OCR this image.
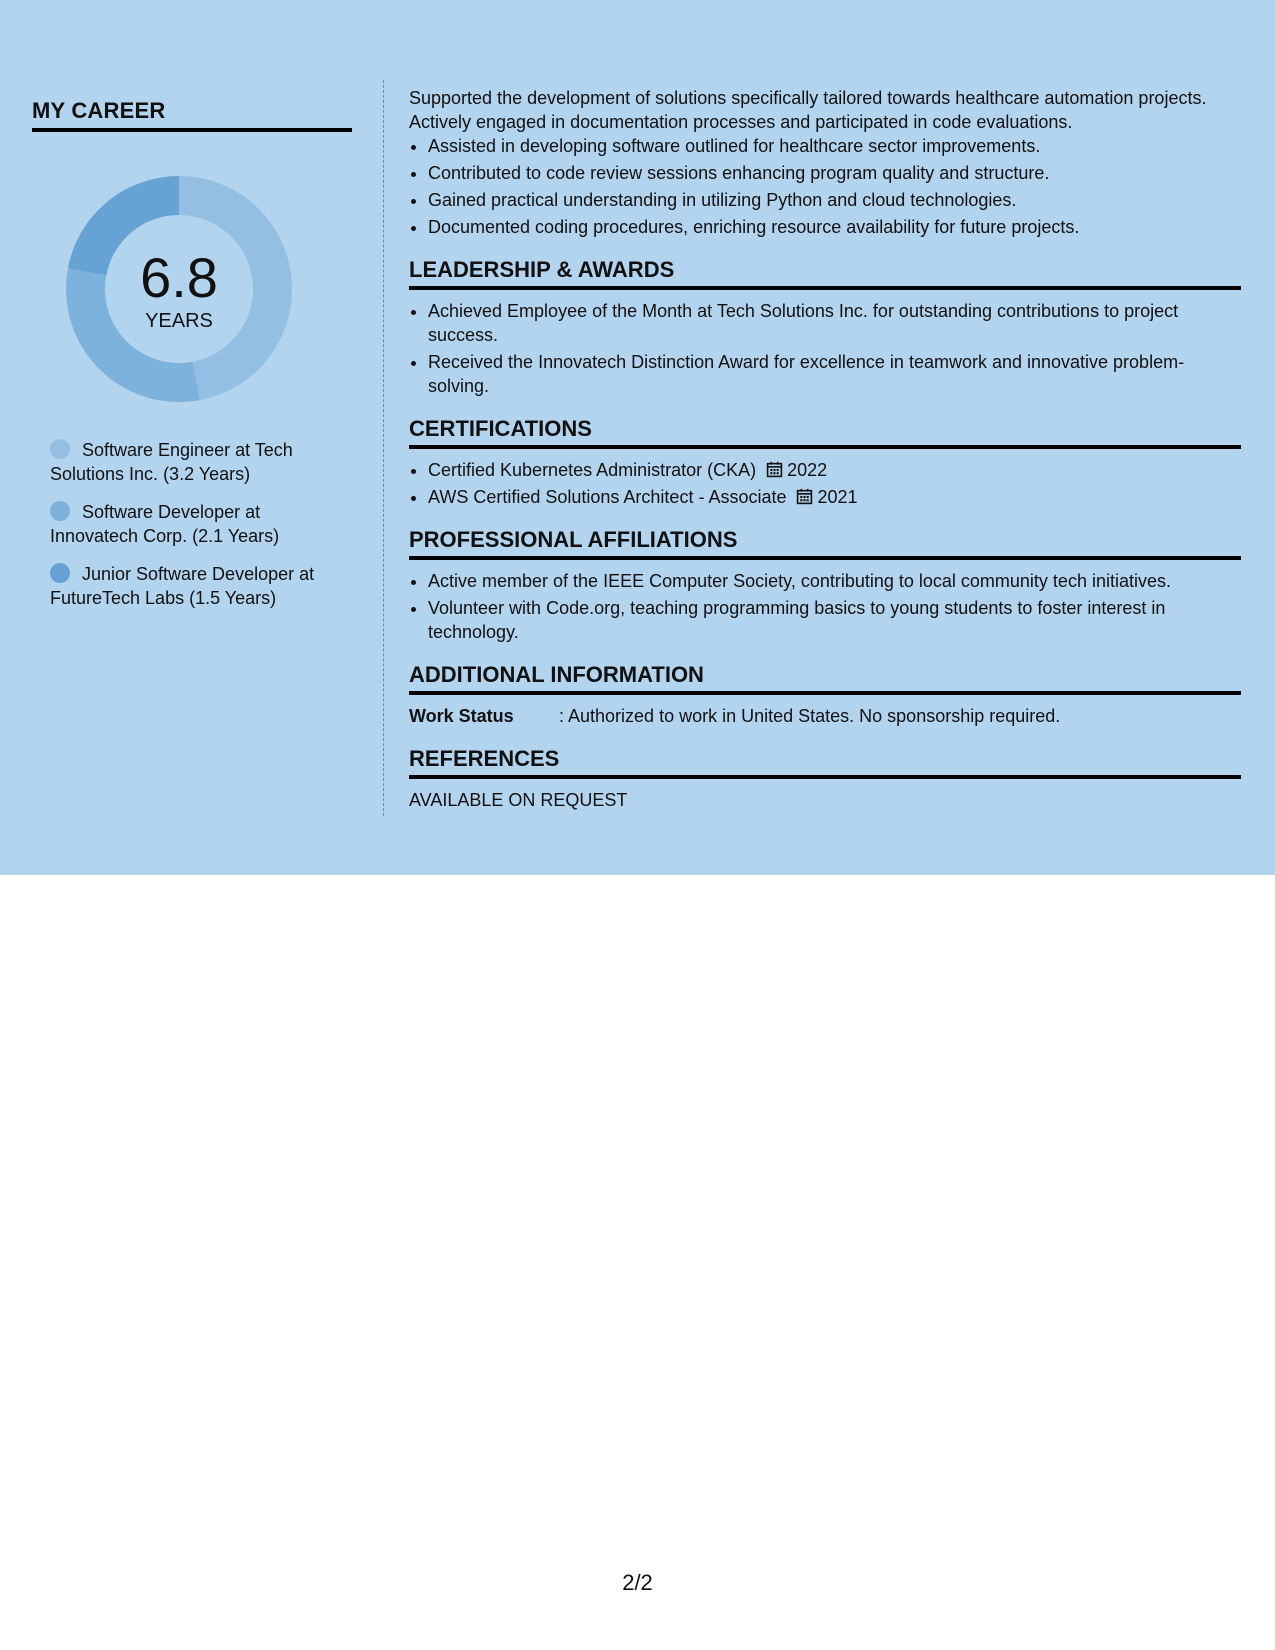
MY CAREER
6.8
YEARS
Software Engineer at Tech Solutions Inc. (3.2 Years)
Software Developer at Innovatech Corp. (2.1 Years)
Junior Software Developer at FutureTech Labs (1.5 Years)

Supported the development of solutions specifically tailored towards healthcare automation projects. Actively engaged in documentation processes and participated in code evaluations.

• Assisted in developing software outlined for healthcare sector improvements.
• Contributed to code review sessions enhancing program quality and structure.
• Gained practical understanding in utilizing Python and cloud technologies.
• Documented coding procedures, enriching resource availability for future projects.
LEADERSHIP & AWARDS
• Achieved Employee of the Month at Tech Solutions Inc. for outstanding contributions to project success.
• Received the Innovatech Distinction Award for excellence in teamwork and innovative problem-solving.
CERTIFICATIONS
• Certified Kubernetes Administrator (CKA) 2022
• AWS Certified Solutions Architect - Associate 2021
PROFESSIONAL AFFILIATIONS
• Active member of the IEEE Computer Society, contributing to local community tech initiatives.
• Volunteer with Code.org, teaching programming basics to young students to foster interest in technology.
ADDITIONAL INFORMATION
Work Status	: Authorized to work in United States. No sponsorship required.
REFERENCES

AVAILABLE ON REQUEST

2/2
